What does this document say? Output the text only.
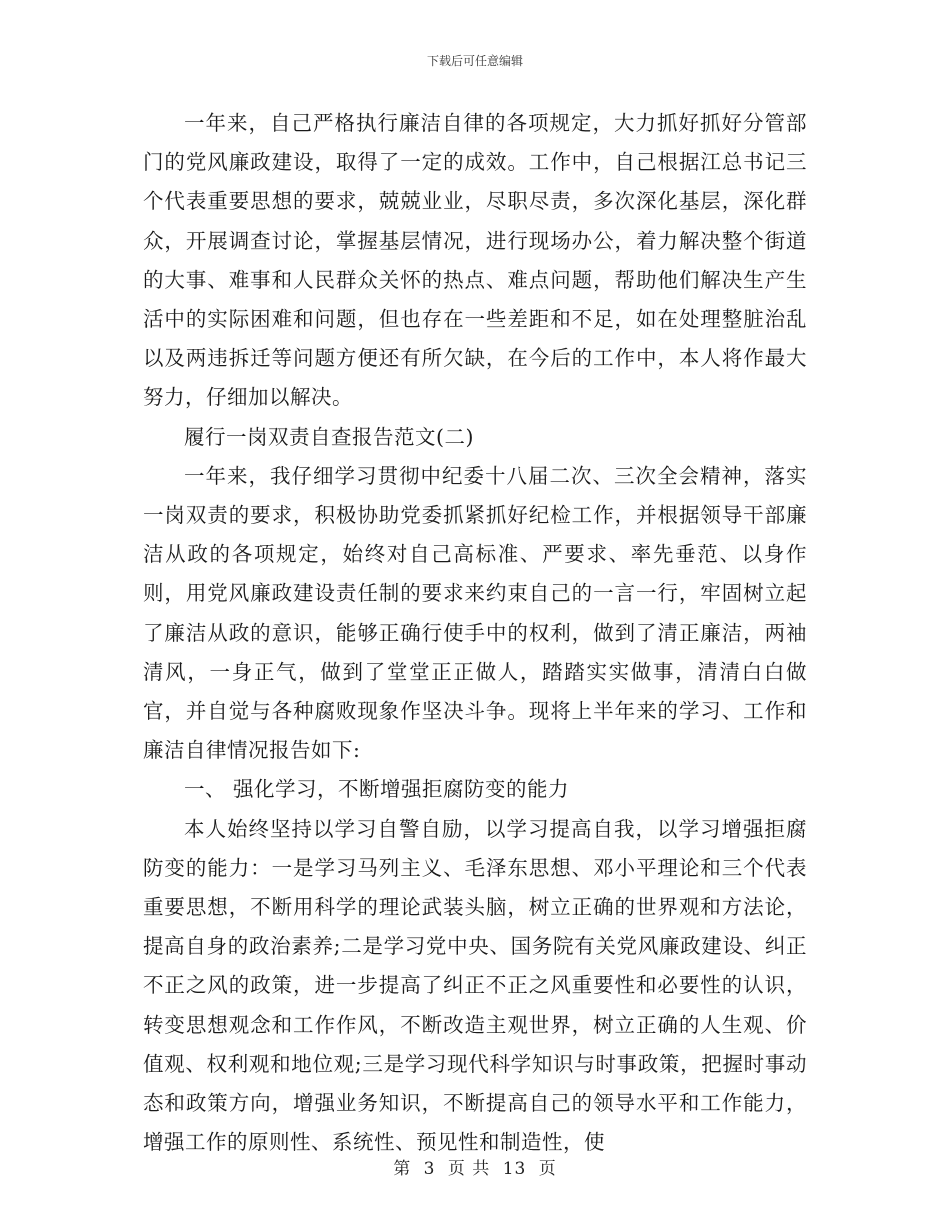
下载后可任意编辑

一年来，自己严格执行廉洁自律的各项规定，大力抓好抓好分管部门的党风廉政建设，取得了一定的成效。工作中，自己根据江总书记三个代表重要思想的要求，兢兢业业，尽职尽责，多次深化基层，深化群众，开展调查讨论，掌握基层情况，进行现场办公，着力解决整个街道的大事、难事和人民群众关怀的热点、难点问题，帮助他们解决生产生活中的实际困难和问题，但也存在一些差距和不足，如在处理整脏治乱以及两违拆迁等问题方便还有所欠缺，在今后的工作中，本人将作最大努力，仔细加以解决。

履行一岗双责自查报告范文(二)

一年来，我仔细学习贯彻中纪委十八届二次、三次全会精神，落实一岗双责的要求，积极协助党委抓紧抓好纪检工作，并根据领导干部廉洁从政的各项规定，始终对自己高标准、严要求、率先垂范、以身作则，用党风廉政建设责任制的要求来约束自己的一言一行，牢固树立起了廉洁从政的意识，能够正确行使手中的权利，做到了清正廉洁，两袖清风，一身正气，做到了堂堂正正做人，踏踏实实做事，清清白白做官，并自觉与各种腐败现象作坚决斗争。现将上半年来的学习、工作和廉洁自律情况报告如下:

一、 强化学习，不断增强拒腐防变的能力

本人始终坚持以学习自警自励，以学习提高自我，以学习增强拒腐防变的能力：一是学习马列主义、毛泽东思想、邓小平理论和三个代表重要思想，不断用科学的理论武装头脑，树立正确的世界观和方法论，提高自身的政治素养;二是学习党中央、国务院有关党风廉政建设、纠正不正之风的政策，进一步提高了纠正不正之风重要性和必要性的认识，转变思想观念和工作作风，不断改造主观世界，树立正确的人生观、价值观、权利观和地位观;三是学习现代科学知识与时事政策，把握时事动态和政策方向，增强业务知识，不断提高自己的领导水平和工作能力，增强工作的原则性、系统性、预见性和制造性，使

第 3 页 共 13 页
